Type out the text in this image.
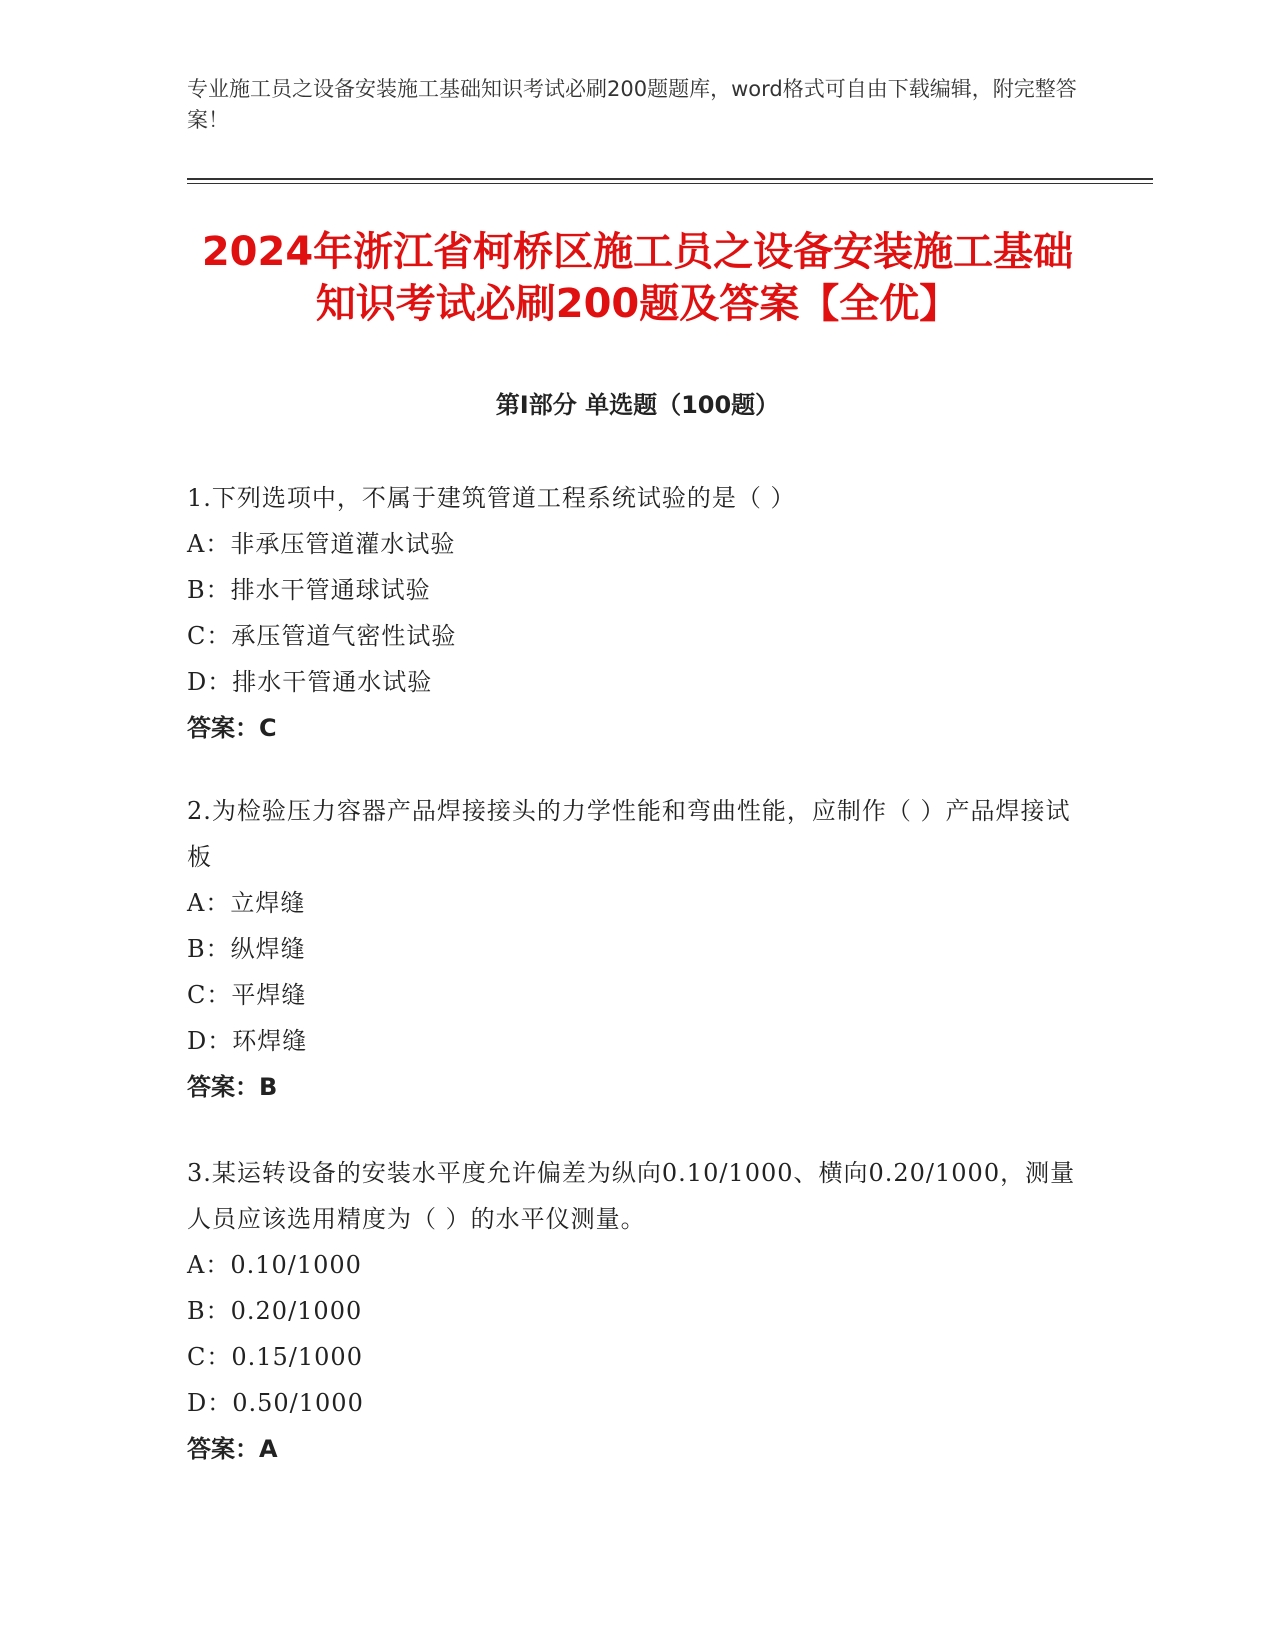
专业施工员之设备安装施工基础知识考试必刷200题题库，word格式可自由下载编辑，附完整答案！
2024年浙江省柯桥区施工员之设备安装施工基础知识考试必刷200题及答案【全优】
第I部分 单选题（100题）
1.下列选项中，不属于建筑管道工程系统试验的是（ ）
A：非承压管道灌水试验
B：排水干管通球试验
C：承压管道气密性试验
D：排水干管通水试验
答案：C
2.为检验压力容器产品焊接接头的力学性能和弯曲性能，应制作（ ）产品焊接试板
A：立焊缝
B：纵焊缝
C：平焊缝
D：环焊缝
答案：B
3.某运转设备的安装水平度允许偏差为纵向0.10/1000、横向0.20/1000，测量人员应该选用精度为（ ）的水平仪测量。
A：0.10/1000
B：0.20/1000
C：0.15/1000
D：0.50/1000
答案：A
